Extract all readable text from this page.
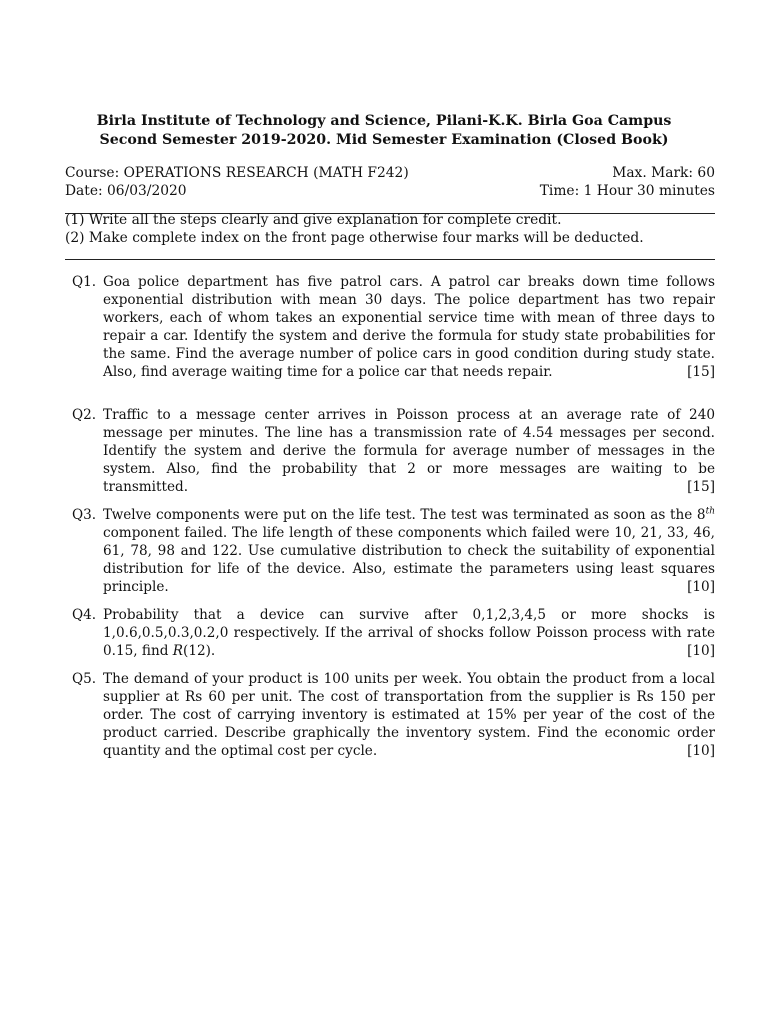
Birla Institute of Technology and Science, Pilani-K.K. Birla Goa Campus
Second Semester 2019-2020. Mid Semester Examination (Closed Book)
Course: OPERATIONS RESEARCH (MATH F242)	Max. Mark: 60
Date: 06/03/2020	Time: 1 Hour 30 minutes
(1) Write all the steps clearly and give explanation for complete credit.
(2) Make complete index on the front page otherwise four marks will be deducted.
Q1. Goa police department has five patrol cars. A patrol car breaks down time follows exponential distribution with mean 30 days. The police department has two repair workers, each of whom takes an exponential service time with mean of three days to repair a car. Identify the system and derive the formula for study state probabilities for the same. Find the average number of police cars in good condition during study state. Also, find average waiting time for a police car that needs repair.	[15]
Q2. Traffic to a message center arrives in Poisson process at an average rate of 240 message per minutes. The line has a transmission rate of 4.54 messages per second. Identify the system and derive the formula for average number of messages in the system. Also, find the probability that 2 or more messages are waiting to be transmitted.	[15]
Q3. Twelve components were put on the life test. The test was terminated as soon as the 8th component failed. The life length of these components which failed were 10, 21, 33, 46, 61, 78, 98 and 122. Use cumulative distribution to check the suitability of exponential distribution for life of the device. Also, estimate the parameters using least squares principle.	[10]
Q4. Probability that a device can survive after 0,1,2,3,4,5 or more shocks is 1,0.6,0.5,0.3,0.2,0 respectively. If the arrival of shocks follow Poisson process with rate 0.15, find R(12).	[10]
Q5. The demand of your product is 100 units per week. You obtain the product from a local supplier at Rs 60 per unit. The cost of transportation from the supplier is Rs 150 per order. The cost of carrying inventory is estimated at 15% per year of the cost of the product carried. Describe graphically the inventory system. Find the economic order quantity and the optimal cost per cycle.	[10]
